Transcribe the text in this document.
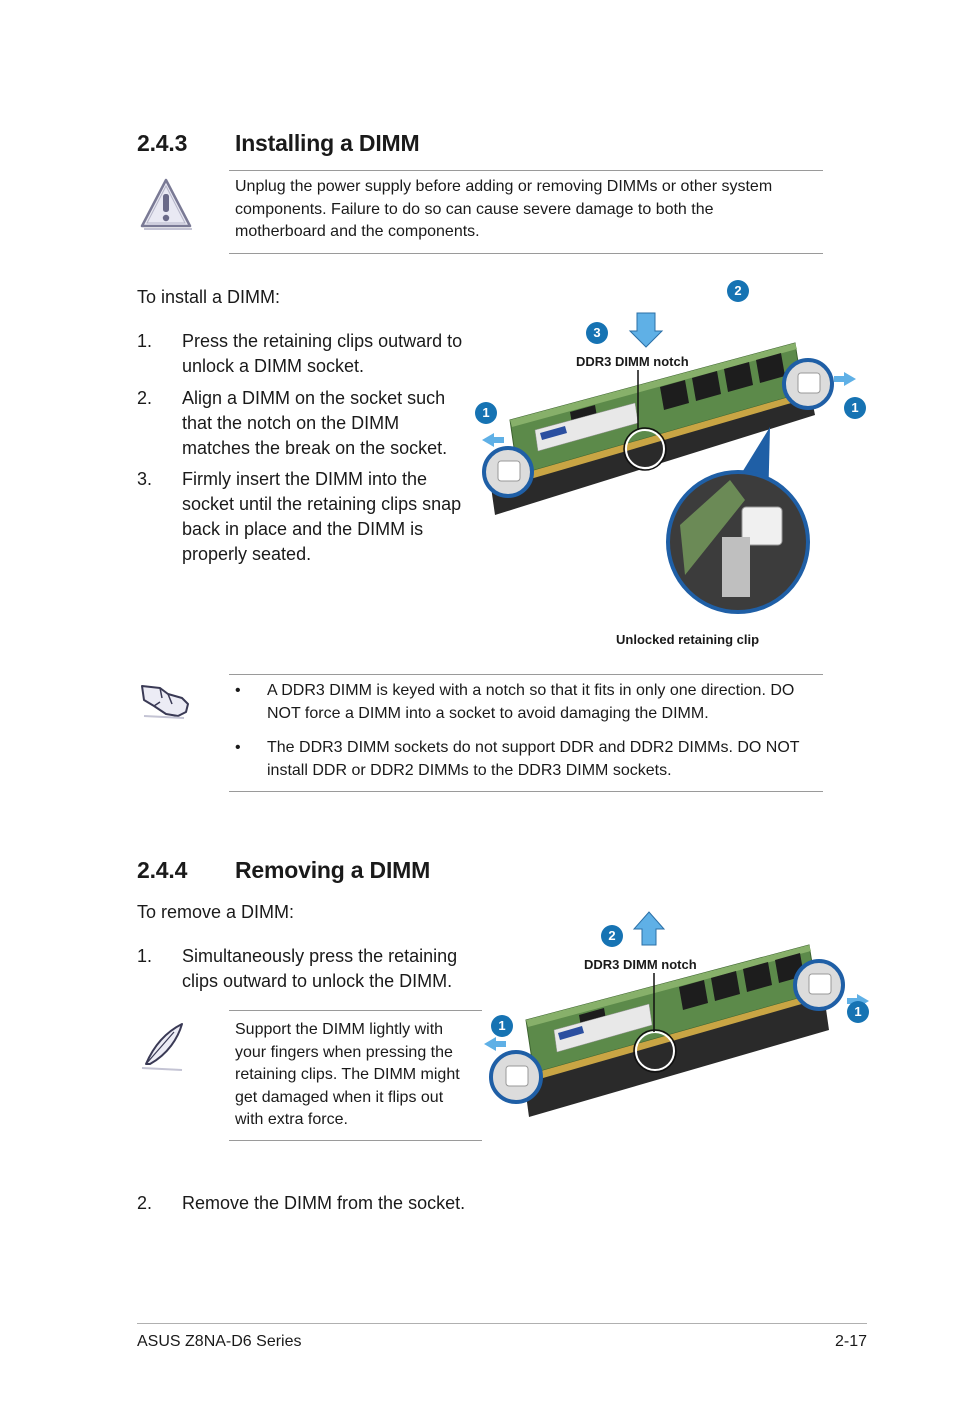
2.4.3 Installing a DIMM
Unplug the power supply before adding or removing DIMMs or other system components. Failure to do so can cause severe damage to both the motherboard and the components.
To install a DIMM:
1.	Press the retaining clips outward to unlock a DIMM socket.
2.	Align a DIMM on the socket such that the notch on the DIMM matches the break on the socket.
3.	Firmly insert the DIMM into the socket until the retaining clips snap back in place and the DIMM is properly seated.
1	1
2
3
DDR3 DIMM notch
Unlocked retaining clip
• A DDR3 DIMM is keyed with a notch so that it fits in only one direction. DO NOT force a DIMM into a socket to avoid damaging the DIMM.
• The DDR3 DIMM sockets do not support DDR and DDR2 DIMMs. DO NOT install DDR or DDR2 DIMMs to the DDR3 DIMM sockets.
2.4.4 Removing a DIMM
To remove a DIMM:
1.	Simultaneously press the retaining clips outward to unlock the DIMM.
Support the DIMM lightly with your fingers when pressing the retaining clips. The DIMM might get damaged when it flips out with extra force.
2.	Remove the DIMM from the socket.
1
1
2
DDR3 DIMM notch
ASUS Z8NA-D6 Series	2-17
